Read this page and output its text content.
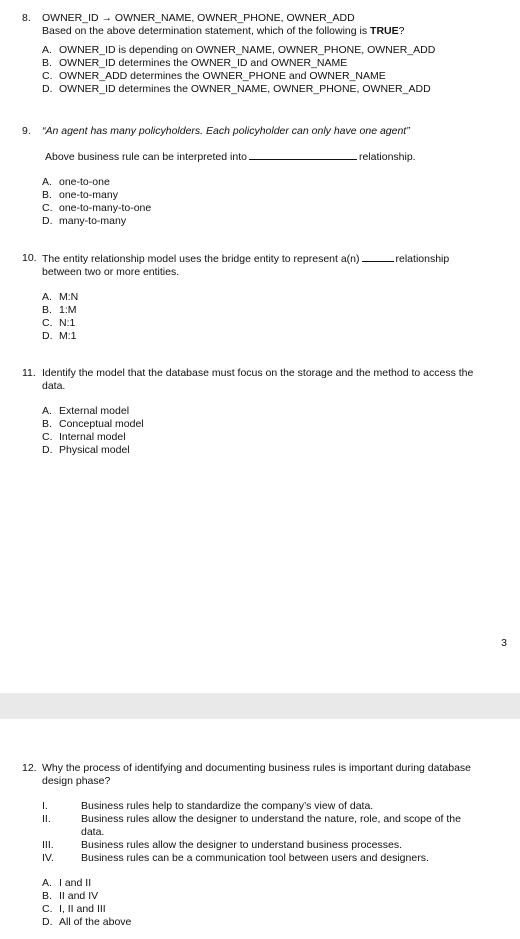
8.	OWNER_ID → OWNER_NAME, OWNER_PHONE, OWNER_ADD
Based on the above determination statement, which of the following is TRUE?
A. OWNER_ID is depending on OWNER_NAME, OWNER_PHONE, OWNER_ADD
B. OWNER_ID determines the OWNER_ID and OWNER_NAME
C. OWNER_ADD determines the OWNER_PHONE and OWNER_NAME
D. OWNER_ID determines the OWNER_NAME, OWNER_PHONE, OWNER_ADD
9.	“An agent has many policyholders. Each policyholder can only have one agent”
Above business rule can be interpreted into	relationship.
A. one-to-one
B. one-to-many
C. one-to-many-to-one
D. many-to-many
10. The entity relationship model uses the bridge entity to represent a(n)	relationship
between two or more entities.
A. M:N
B. 1:M
C. N:1
D. M:1
11. Identify the model that the database must focus on the storage and the method to access the
data.
A. External model
B. Conceptual model
C. Internal model
D. Physical model
3
12. Why the process of identifying and documenting business rules is important during database
design phase?
I.	Business rules help to standardize the company’s view of data.
II.	Business rules allow the designer to understand the nature, role, and scope of the
data.
III.	Business rules allow the designer to understand business processes.
IV.	Business rules can be a communication tool between users and designers.
A. I and II
B. II and IV
C. I, II and III
D. All of the above
